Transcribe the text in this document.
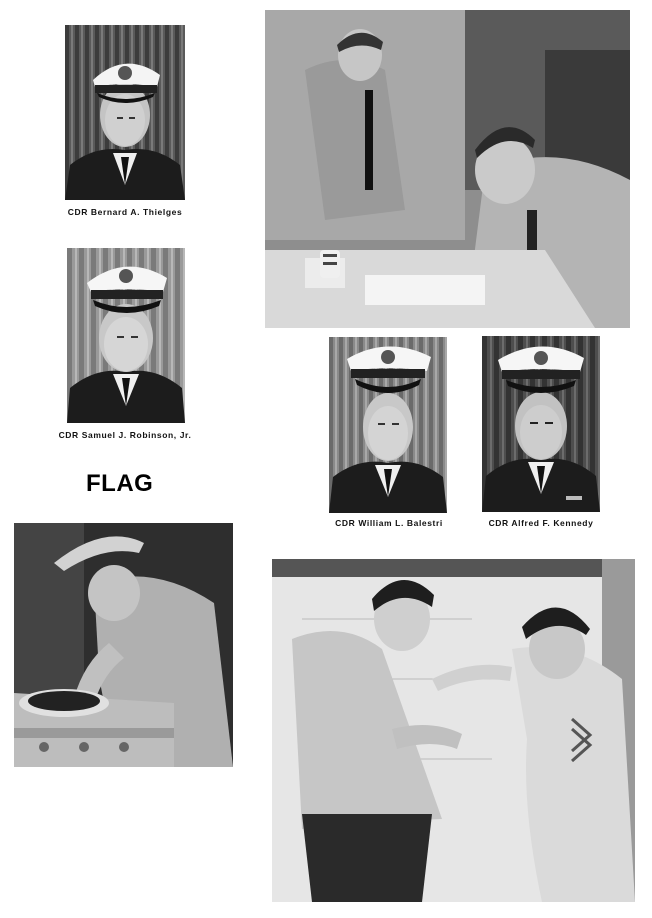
CDR Bernard A. Thielges
CDR Samuel J. Robinson, Jr.
FLAG
CDR William L. Balestri	CDR Alfred F. Kennedy
